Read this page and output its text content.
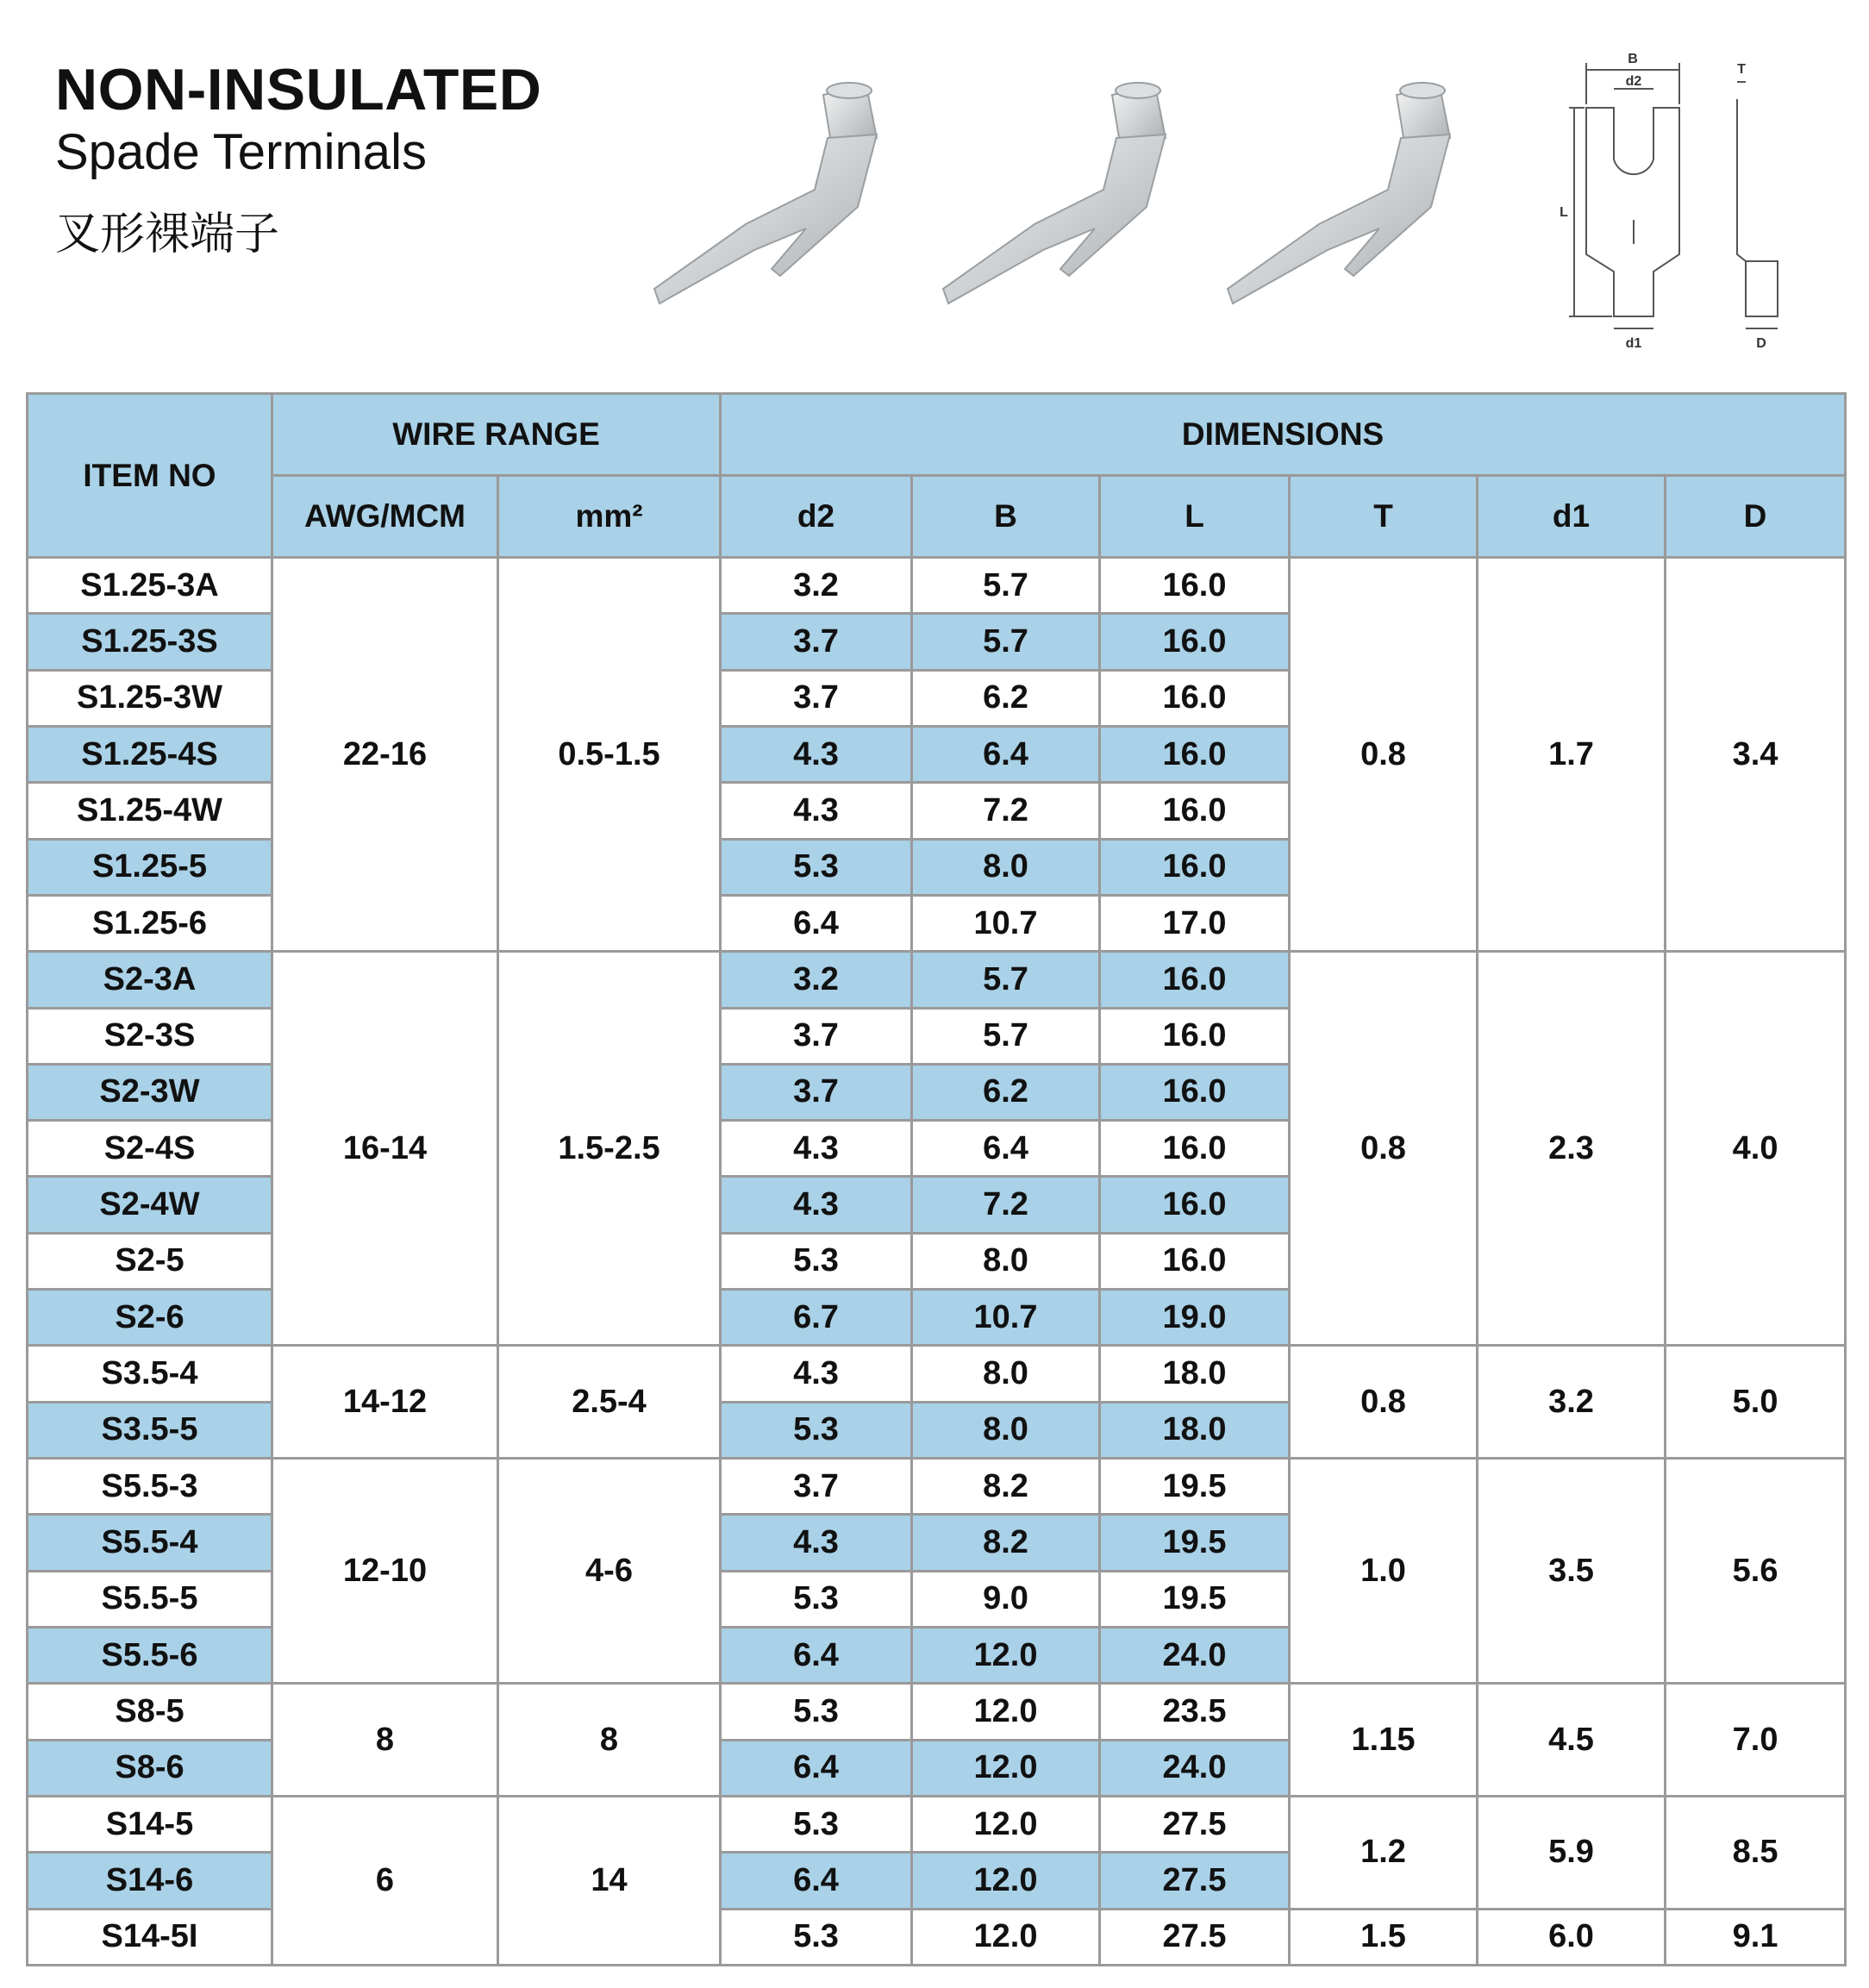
NON-INSULATED
Spade Terminals
叉形裸端子
B
d2
L
d1
T
D
ITEM NO	WIRE RANGE		DIMENSIONS					
	AWG/MCM	mm²	d2	B	L	T	d1	D
S1.25-3A	22-16	0.5-1.5	3.2	5.7	16.0	0.8	1.7	3.4
S1.25-3S			3.7	5.7	16.0			
S1.25-3W			3.7	6.2	16.0			
S1.25-4S			4.3	6.4	16.0			
S1.25-4W			4.3	7.2	16.0			
S1.25-5			5.3	8.0	16.0			
S1.25-6			6.4	10.7	17.0			
S2-3A	16-14	1.5-2.5	3.2	5.7	16.0	0.8	2.3	4.0
S2-3S			3.7	5.7	16.0			
S2-3W			3.7	6.2	16.0			
S2-4S			4.3	6.4	16.0			
S2-4W			4.3	7.2	16.0			
S2-5			5.3	8.0	16.0			
S2-6			6.7	10.7	19.0			
S3.5-4	14-12	2.5-4	4.3	8.0	18.0	0.8	3.2	5.0
S3.5-5			5.3	8.0	18.0			
S5.5-3	12-10	4-6	3.7	8.2	19.5	1.0	3.5	5.6
S5.5-4			4.3	8.2	19.5			
S5.5-5			5.3	9.0	19.5			
S5.5-6			6.4	12.0	24.0			
S8-5	8	8	5.3	12.0	23.5	1.15	4.5	7.0
S8-6			6.4	12.0	24.0			
S14-5	6	14	5.3	12.0	27.5	1.2	5.9	8.5
S14-6			6.4	12.0	27.5			
S14-5I			5.3	12.0	27.5	1.5	6.0	9.1
